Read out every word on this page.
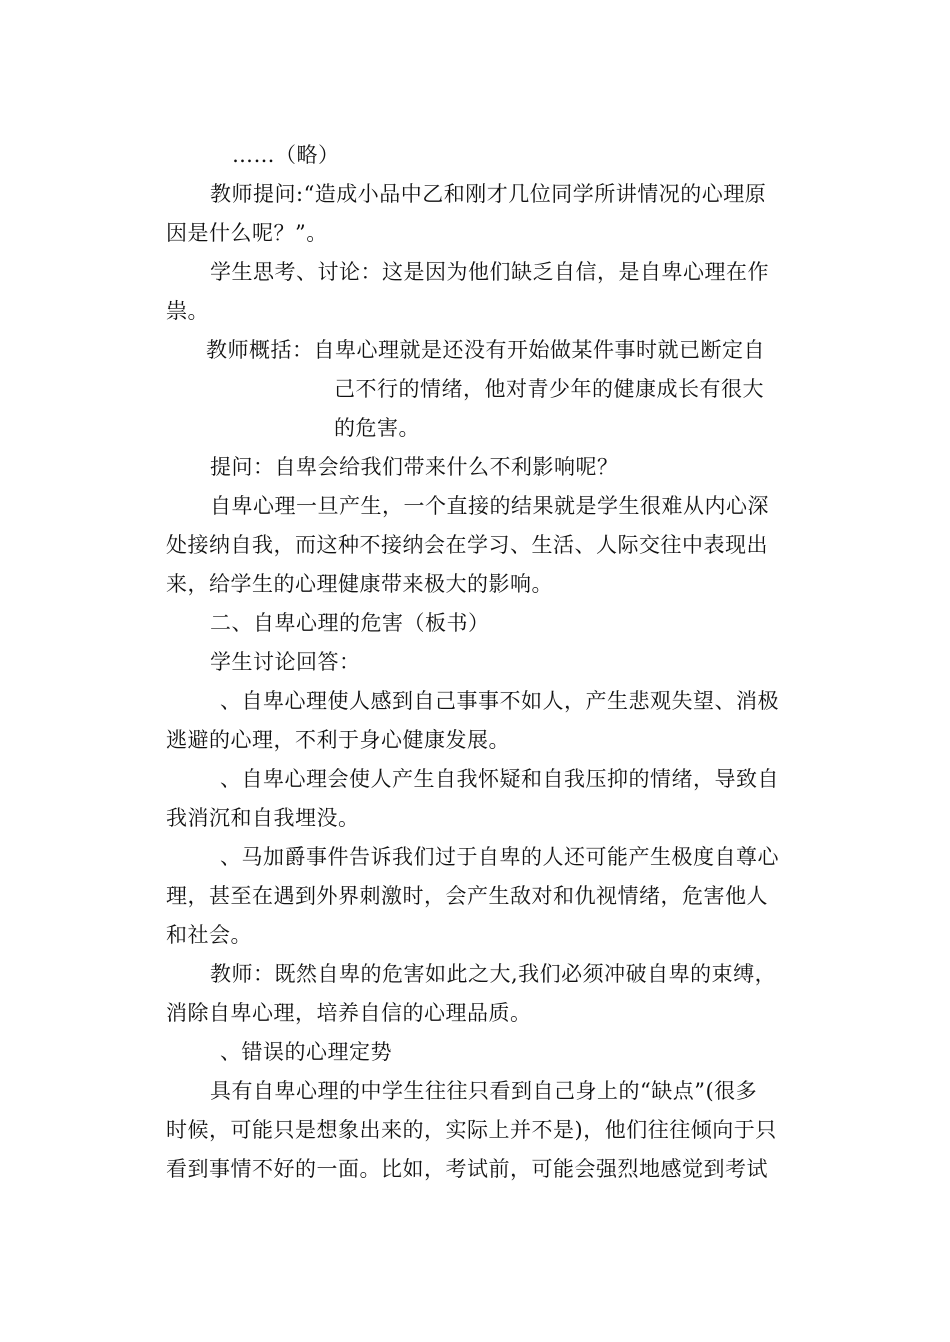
……（略）
教师提问:“造成小品中乙和刚才几位同学所讲情况的心理原
因是什么呢？”。
学生思考、讨论：这是因为他们缺乏自信，是自卑心理在作
祟。
教师概括：自卑心理就是还没有开始做某件事时就已断定自
己不行的情绪，他对青少年的健康成长有很大
的危害。
提问：自卑会给我们带来什么不利影响呢？
自卑心理一旦产生，一个直接的结果就是学生很难从内心深
处接纳自我，而这种不接纳会在学习、生活、人际交往中表现出
来，给学生的心理健康带来极大的影响。
二、自卑心理的危害（板书）
学生讨论回答：
、自卑心理使人感到自己事事不如人，产生悲观失望、消极
逃避的心理，不利于身心健康发展。
、自卑心理会使人产生自我怀疑和自我压抑的情绪，导致自
我消沉和自我埋没。
、马加爵事件告诉我们过于自卑的人还可能产生极度自尊心
理，甚至在遇到外界刺激时，会产生敌对和仇视情绪，危害他人
和社会。
教师：既然自卑的危害如此之大,我们必须冲破自卑的束缚，
消除自卑心理，培养自信的心理品质。
、错误的心理定势
具有自卑心理的中学生往往只看到自己身上的“缺点”(很多
时候，可能只是想象出来的，实际上并不是)，他们往往倾向于只
看到事情不好的一面。比如，考试前，可能会强烈地感觉到考试
